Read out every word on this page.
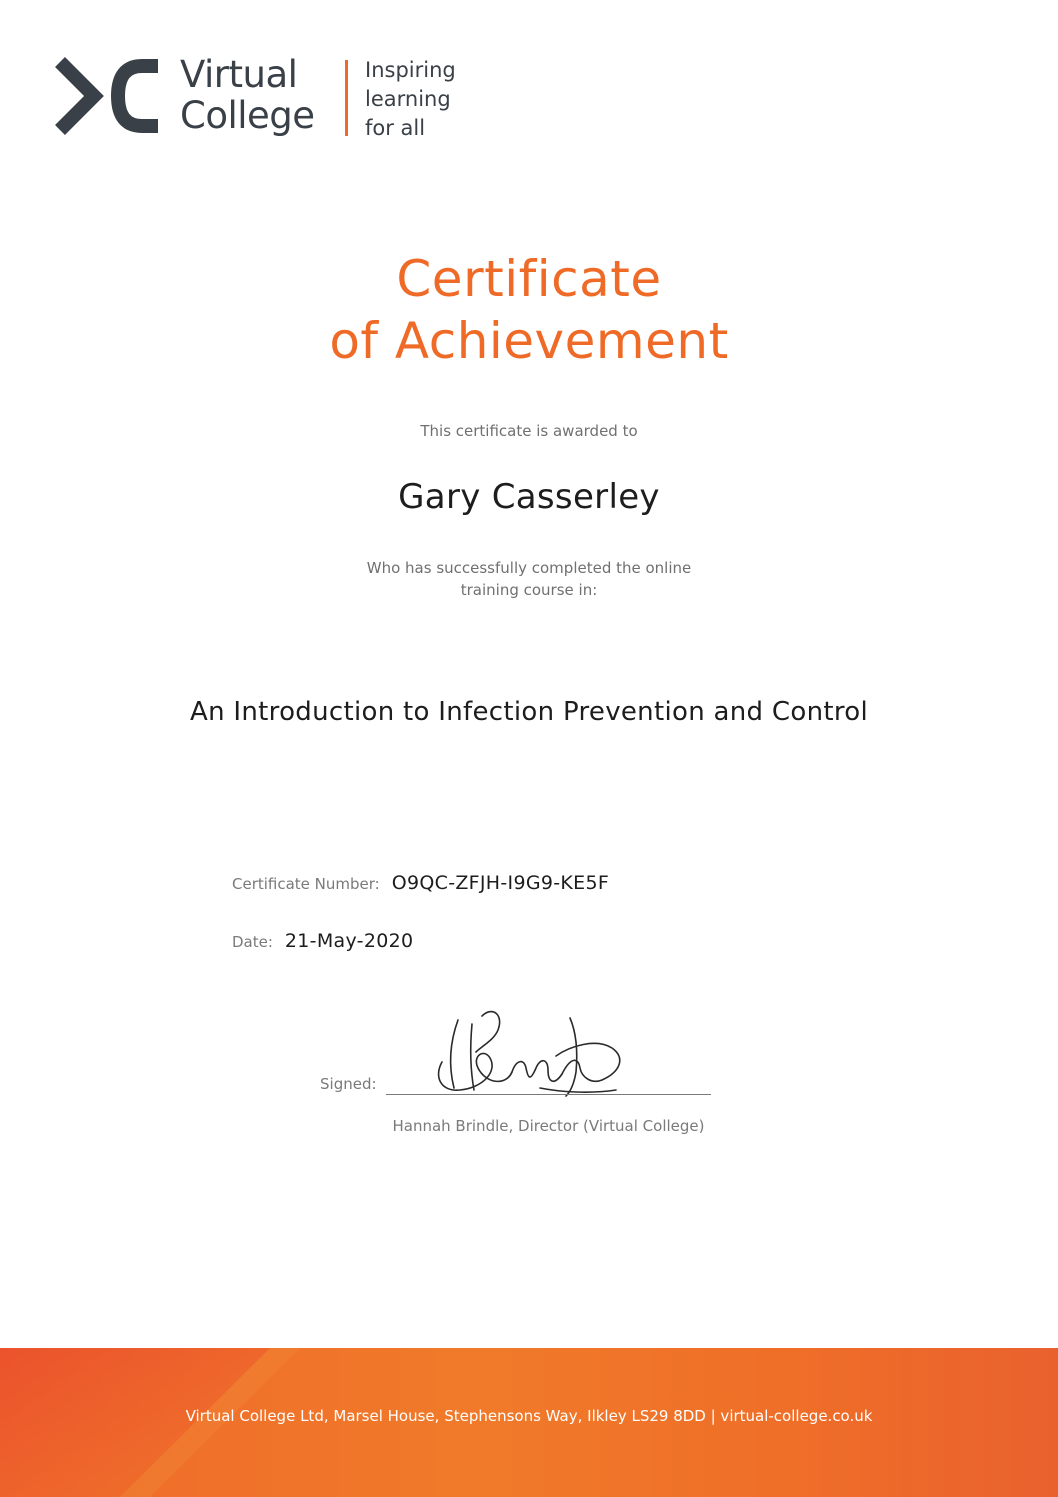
Virtual
College
Inspiring
learning
for all
Certificate
of Achievement
This certificate is awarded to
Gary Casserley
Who has successfully completed the online
training course in:
An Introduction to Infection Prevention and Control
Certificate Number: O9QC-ZFJH-I9G9-KE5F
Date: 21-May-2020
Signed:
Hannah Brindle, Director (Virtual College)
Virtual College Ltd, Marsel House, Stephensons Way, Ilkley LS29 8DD | virtual-college.co.uk
